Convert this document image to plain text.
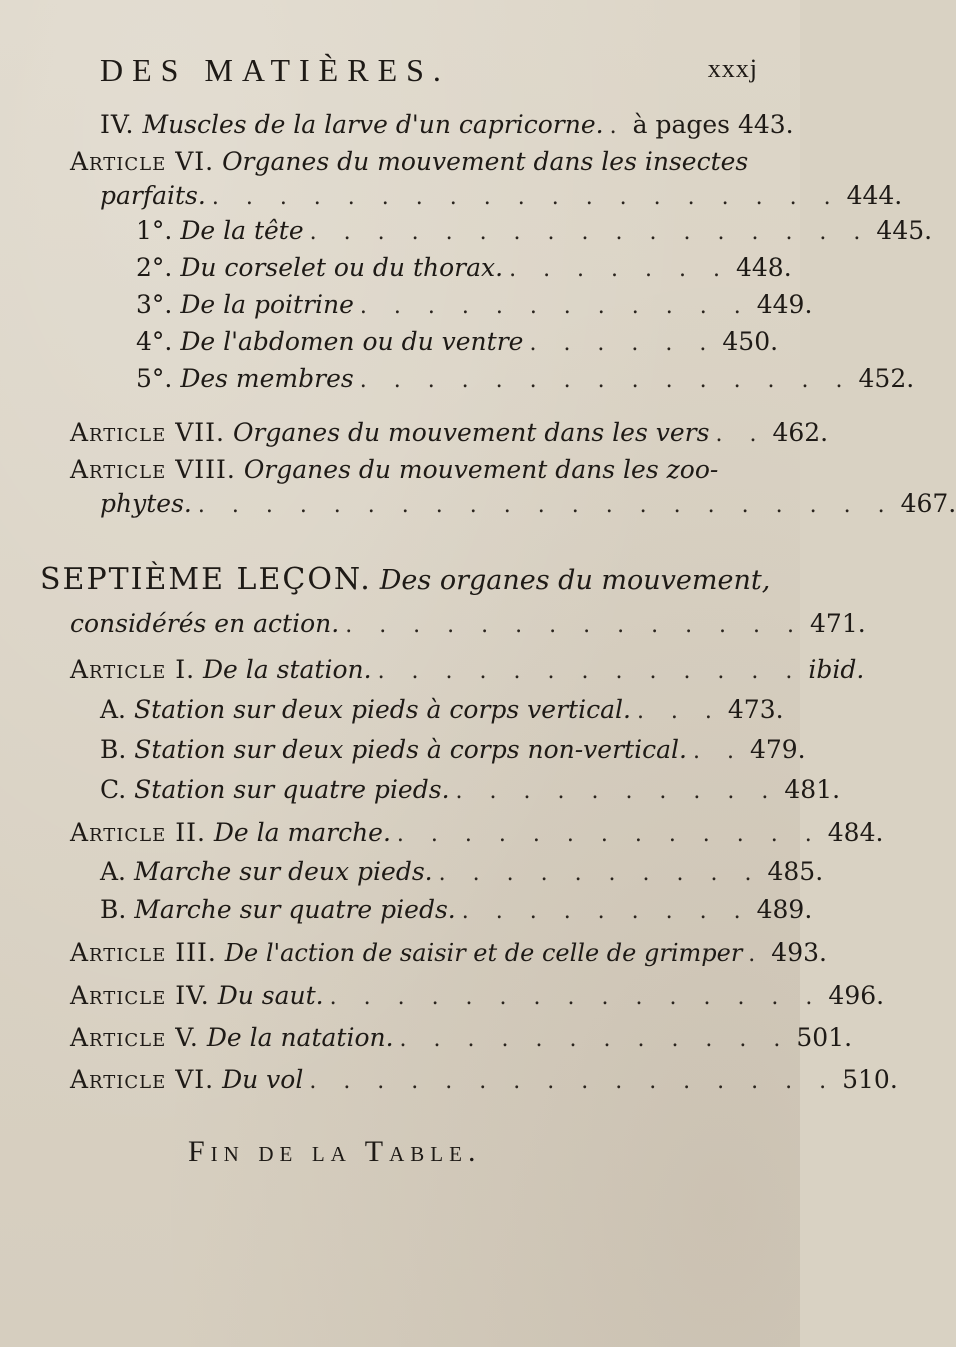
DES MATIÈRES.	xxxj
IV. Muscles de la larve d'un capricorne. . à pages 443.
Article VI. Organes du mouvement dans les insectes
parfaits. . . . . . . . . . . . . . . . . . . . 444.
1°. De la tête . . . . . . . . . . . . . . . . . 445.
2°. Du corselet ou du thorax. . . . . . . . 448.
3°. De la poitrine . . . . . . . . . . . . 449.
4°. De l'abdomen ou du ventre . . . . . . 450.
5°. Des membres . . . . . . . . . . . . . . . 452.
Article VII. Organes du mouvement dans les vers . . 462.
Article VIII. Organes du mouvement dans les zoo-
phytes. . . . . . . . . . . . . . . . . . . . . . 467.
SEPTIÈME LEÇON. Des organes du mouvement,
considérés en action. . . . . . . . . . . . . . . 471.
Article I. De la station. . . . . . . . . . . . . . ibid.
A. Station sur deux pieds à corps vertical. . . . 473.
B. Station sur deux pieds à corps non-vertical. . . 479.
C. Station sur quatre pieds. . . . . . . . . . . 481.
Article II. De la marche. . . . . . . . . . . . . . 484.
A. Marche sur deux pieds. . . . . . . . . . . 485.
B. Marche sur quatre pieds. . . . . . . . . . 489.
Article III. De l'action de saisir et de celle de grimper . 493.
Article IV. Du saut. . . . . . . . . . . . . . . . 496.
Article V. De la natation. . . . . . . . . . . . . 501.
Article VI. Du vol . . . . . . . . . . . . . . . . 510.
Fin de la Table.
